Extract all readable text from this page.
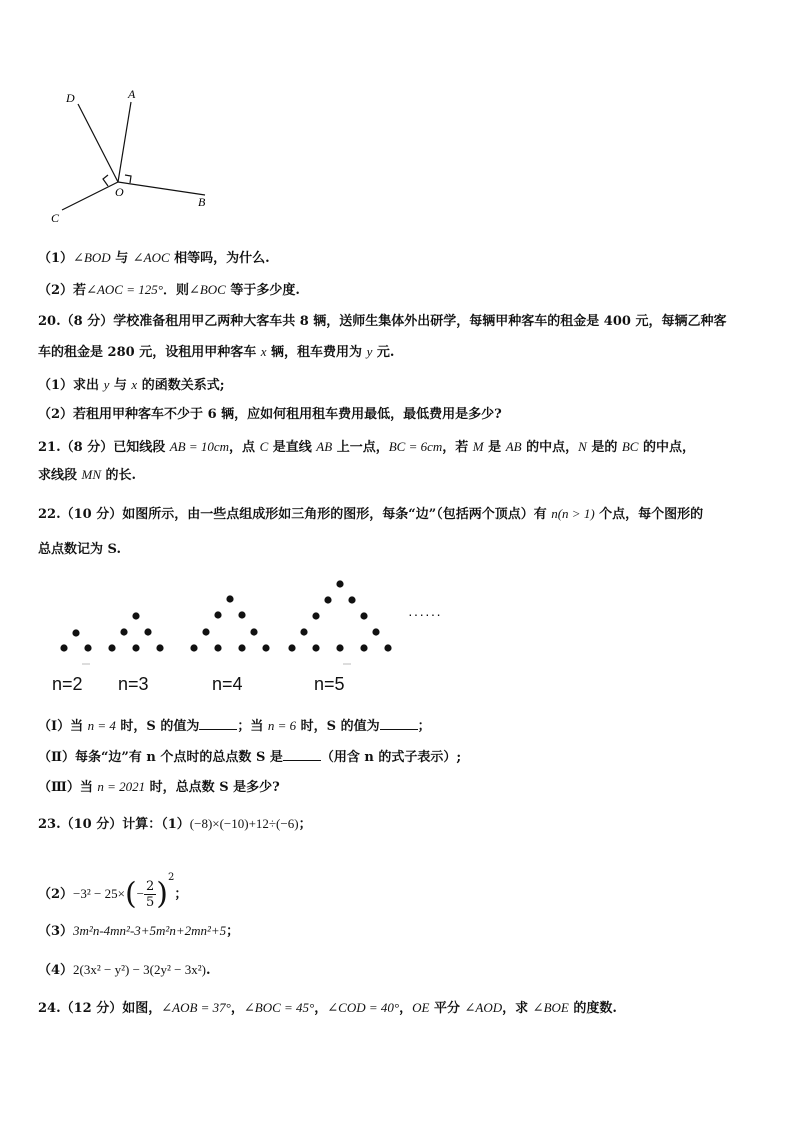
D	A
O
C
B
（1）∠BOD 与 ∠AOC 相等吗，为什么.
（2）若∠AOC = 125°．则∠BOC 等于多少度.
20.（8 分）学校准备租用甲乙两种大客车共 8 辆，送师生集体外出研学，每辆甲种客车的租金是 400 元，每辆乙种客
车的租金是 280 元，设租用甲种客车 x 辆，租车费用为 y 元.
（1）求出 y 与 x 的函数关系式;
（2）若租用甲种客车不少于 6 辆，应如何租用租车费用最低，最低费用是多少?
21.（8 分）已知线段 AB = 10cm，点 C 是直线 AB 上一点，BC = 6cm，若 M 是 AB 的中点，N 是的 BC 的中点，
求线段 MN 的长.
22.（10 分）如图所示，由一些点组成形如三角形的图形，每条“边”（包括两个顶点）有 n(n > 1) 个点，每个图形的
总点数记为 S.
······
n=2 n=3	n=4	n=5
（Ⅰ）当 n = 4 时，S 的值为	；当 n = 6 时，S 的值为	；
（Ⅱ）每条“边”有 n 个点时的总点数 S 是	（用含 n 的式子表示）;
（Ⅲ）当 n = 2021 时，总点数 S 是多少?
23.（10 分）计算：（1）(−8)×(−10)+12÷(−6)；
$(2)-3^2 - 25\times(- \frac{2}{5} )^2$；
（3）3m²n-4mn²-3+5m²n+2mn²+5；
（4）2(3x² − y²) − 3(2y² − 3x²).
24.（12 分）如图，∠AOB = 37°，∠BOC = 45°，∠COD = 40°，OE 平分 ∠AOD，求 ∠BOE 的度数.
